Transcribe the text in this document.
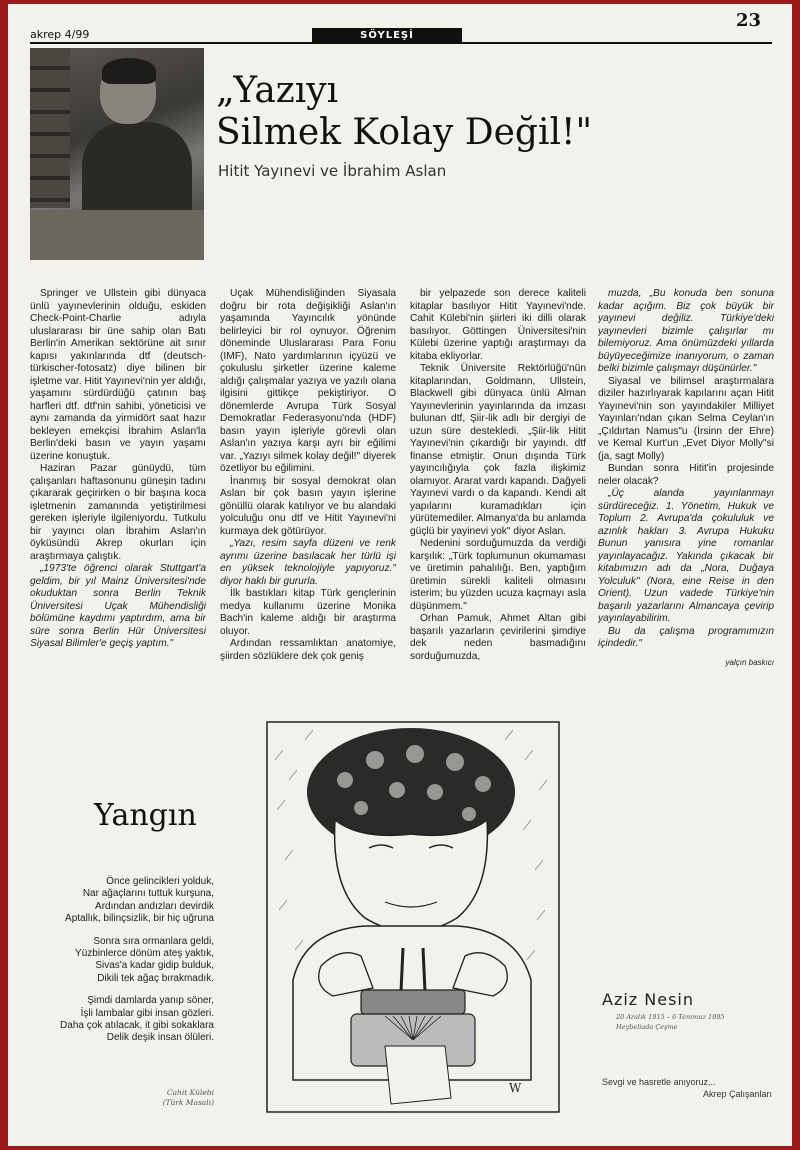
akrep 4/99	SÖYLEŞİ
23
„Yazıyı
Silmek Kolay Değil!"
Hitit Yayınevi ve İbrahim Aslan

Springer ve Ullstein gibi dünyaca ünlü yayınevlerinin olduğu, eskiden Check-Point-Charlie adıyla uluslararası bir üne sahip olan Batı Berlin'in Amerikan sektörüne ait sınır kapısı yakınlarında dtf (deutsch-türkischer-fotosatz) diye bilinen bir işletme var. Hitit Yayınevi'nin yer aldığı, yaşamını sürdürdüğü çatının baş harfleri dtf. dtf'nin sahibi, yöneticisi ve aynı zamanda da yirmidört saat hazır bekleyen emekçisi İbrahim Aslan'la Berlin'deki basın ve yayın yaşamı üzerine konuştuk.

Haziran Pazar günüydü, tüm çalışanları haftasonunu güneşin tadını çıkararak geçirirken o bir başına koca işletmenin zamanında yetiştirilmesi gereken işleriyle ilgileniyordu. Tutkulu bir yayıncı olan İbrahim Aslan'ın öyküsündü Akrep okurları için araştırmaya çalıştık.

„1973'te öğrenci olarak Stuttgart'a geldim, bir yıl Mainz Üniversitesi'nde okuduktan sonra Berlin Teknik Üniversitesi Uçak Mühendisliği bölümüne kaydımı yaptırdım, ama bir süre sonra Berlin Hür Üniversitesi Siyasal Bilimler'e geçiş yaptım."

Uçak Mühendisliğinden Siyasala doğru bir rota değişikliği Aslan'ın yaşamında Yayıncılık yönünde belirleyici bir rol oynuyor. Öğrenim döneminde Uluslararası Para Fonu (IMF), Nato yardımlarının içyüzü ve çokuluslu şirketler üzerine kaleme aldığı çalışmalar yazıya ve yazılı olana ilgisini gittikçe pekiştiriyor. O dönemlerde Avrupa Türk Sosyal Demokratlar Federasyonu'nda (HDF) basın yayın işleriyle görevli olan Aslan'ın yazıya karşı ayrı bir eğilimi var. „Yazıyı silmek kolay değil!" diyerek özetliyor bu eğilimini.

İnanmış bir sosyal demokrat olan Aslan bir çok basın yayın işlerine gönüllü olarak katılıyor ve bu alandaki yolculuğu onu dtf ve Hitit Yayınevi'ni kurmaya dek götürüyor.

„Yazı, resim sayfa düzeni ve renk ayrımı üzerine basılacak her türlü işi en yüksek teknolojiyle yapıyoruz." diyor haklı bir gururla.

İlk bastıkları kitap Türk gençlerinin medya kullanımı üzerine Monika Bach'in kaleme aldığı bir araştırma oluyor.

Ardından ressamlıktan anatomiye, şiirden sözlüklere dek çok geniş

bir yelpazede son derece kaliteli kitaplar basılıyor Hitit Yayınevi'nde. Cahit Külebi'nin şiirleri iki dilli olarak basılıyor. Göttingen Üniversitesi'nin Külebi üzerine yaptığı araştırmayı da kitaba ekliyorlar.

Teknik Üniversite Rektörlüğü'nün kitaplarından, Goldmann, Ullstein, Blackwell gibi dünyaca ünlü Alman Yayınevlerinin yayınlarında da imzası bulunan dtf, Şiir-lik adlı bir dergiyi de uzun süre destekledi. „Şiir-lik Hitit Yayınevi'nin çıkardığı bir yayındı. dtf finanse etmiştir. Onun dışında Türk yayıncılığıyla çok fazla ilişkimiz olamıyor. Ararat vardı kapandı. Dağyeli Yayınevi vardı o da kapandı. Kendi alt yapılarını kuramadıkları için yürütemediler. Almanya'da bu anlamda güçlü bir yayinevi yok" diyor Aslan.

Nedenini sorduğumuzda da verdiği karşılık: „Türk toplumunun okumaması ve üretimin pahalılığı. Ben, yaptığım üretimin sürekli kaliteli olmasını isterim; bu yüzden ucuza kaçmayı asla düşünmem."

Orhan Pamuk, Ahmet Altan gibi başarılı yazarların çevirilerini şimdiye dek neden basmadığını sorduğumuzda,

muzda, „Bu konuda ben sonuna kadar açığım. Biz çok büyük bir yayınevi değiliz. Türkiye'deki yayınevleri bizimle çalışırlar mı bilemiyoruz. Ama önümüzdeki yıllarda büyüyeceğimize inanıyorum, o zaman belki bizimle çalışmayı düşünürler."

Siyasal ve bilimsel araştırmalara diziler hazırlıyarak kapılarını açan Hitit Yayınevi'nin son yayındakiler Milliyet Yayınları'ndan çıkan Selma Ceylan'ın „Çıldırtan Namus"u (İrsinn der Ehre) ve Kemal Kurt'un „Evet Diyor Molly"si (ja, sagt Molly)

Bundan sonra Hitit'in projesinde neler olacak?

„Üç alanda yayınlanmayı sürdüreceğiz. 1. Yönetim, Hukuk ve Toplum 2. Avrupa'da çokululuk ve azınlık hakları 3. Avrupa Hukuku Bunun yanısıra yine romanlar yayınlayacağız. Yakında çıkacak bir kitabımızın adı da „Nora, Duğaya Yolculuk" (Nora, eine Reise in den Orient). Uzun vadede Türkiye'nin başarılı yazarlarını Almancaya çevirip yayınlayabilirim.

Bu da çalışma programımızın içindedir."

yalçın baskıcı

Yangın
Önce gelincikleri yolduk,
Nar ağaçlarını tuttuk kurşuna,
Ardından andızları devirdik
Aptallık, bilinçsizlik, bir hiç uğruna
Sonra sıra ormanlara geldi,
Yüzbinlerce dönüm ateş yaktık,
Sivas'a kadar gidip bulduk,
Dikili tek ağaç bırakmadık.
Şimdi damlarda yanıp söner,
İşli lambalar gibi insan gözleri.
Daha çok atılacak, it gibi sokaklara
Delik deşik insan ölüleri.
Cahit Külebi
(Türk Masalı)
W
Aziz Nesin
20 Aralık 1915 – 6 Temmuz 1995
Heybeliada Çeşme
Sevgi ve hasretle anıyoruz...
Akrep Çalışanları
